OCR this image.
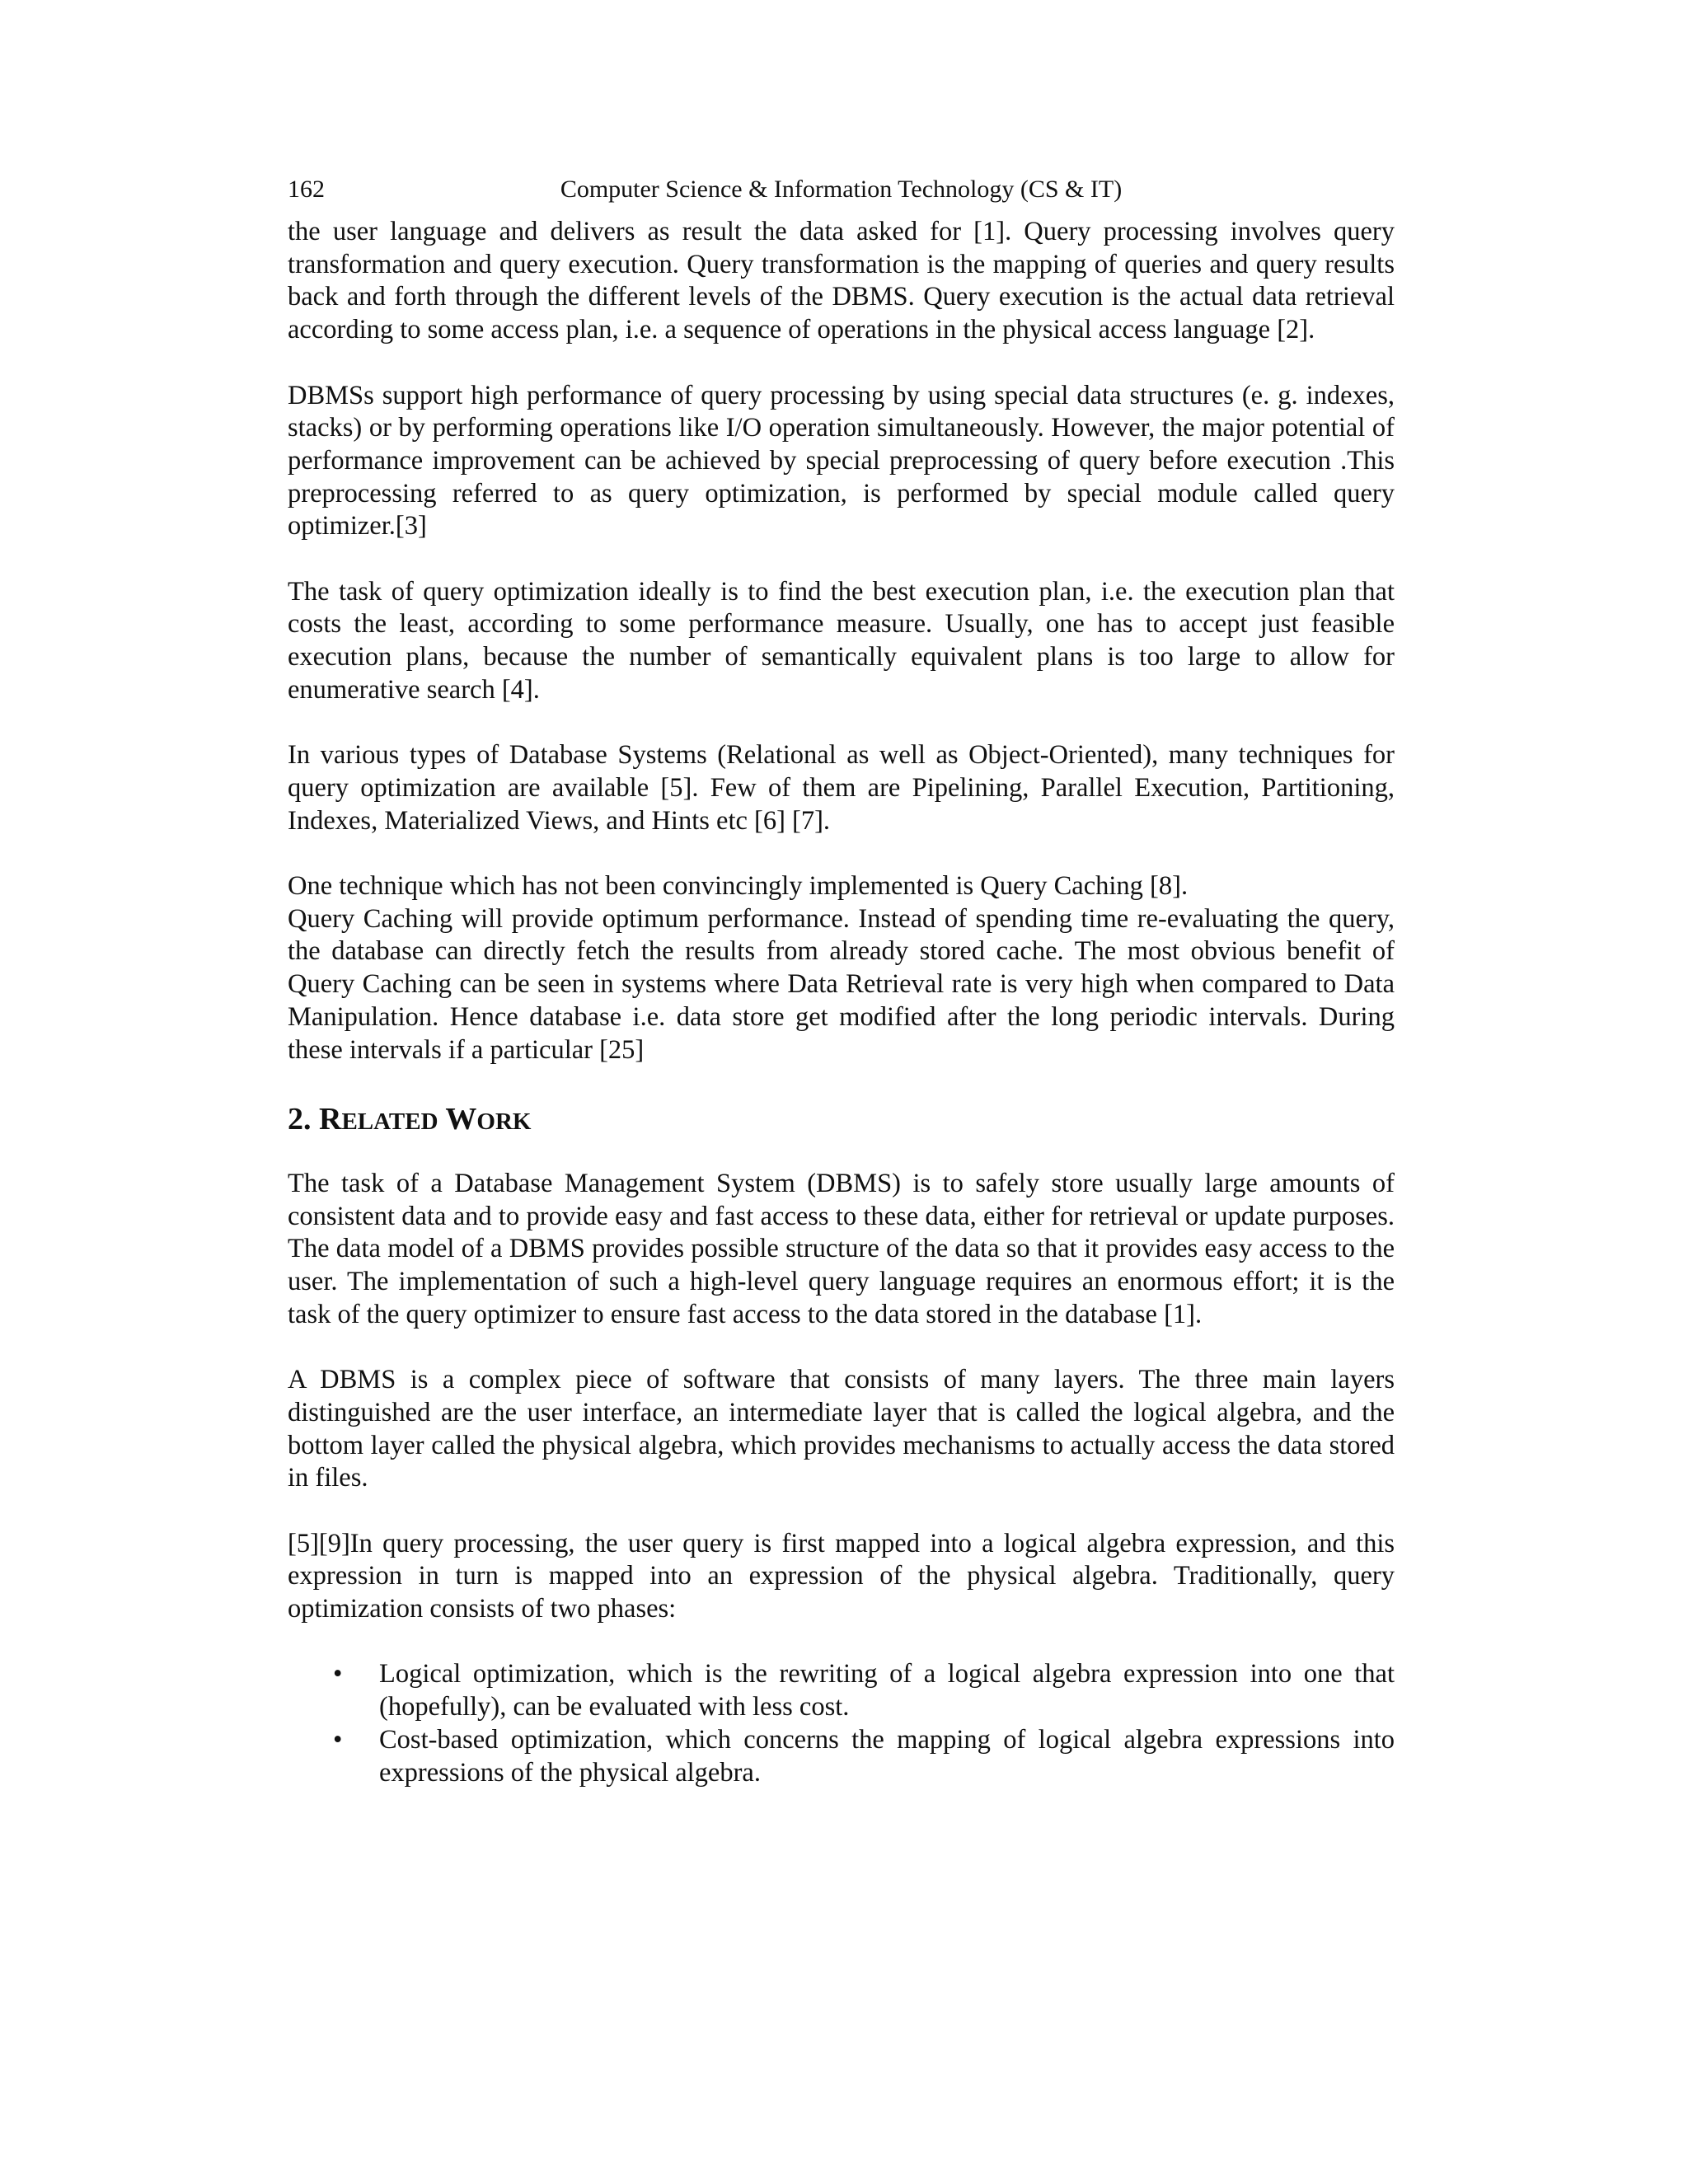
162	Computer Science & Information Technology (CS & IT)

the user language and delivers as result the data asked for [1]. Query processing involves query transformation and query execution. Query transformation is the mapping of queries and query results back and forth through the different levels of the DBMS. Query execution is the actual data retrieval according to some access plan, i.e. a sequence of operations in the physical access language [2].

DBMSs support high performance of query processing by using special data structures (e. g. indexes, stacks) or by performing operations like I/O operation simultaneously. However, the major potential of performance improvement can be achieved by special preprocessing of query before execution .This preprocessing referred to as query optimization, is performed by special module called query optimizer.[3]

The task of query optimization ideally is to find the best execution plan, i.e. the execution plan that costs the least, according to some performance measure. Usually, one has to accept just feasible execution plans, because the number of semantically equivalent plans is too large to allow for enumerative search [4].

In various types of Database Systems (Relational as well as Object-Oriented), many techniques for query optimization are available [5]. Few of them are Pipelining, Parallel Execution, Partitioning, Indexes, Materialized Views, and Hints etc [6] [7].

One technique which has not been convincingly implemented is Query Caching [8].

Query Caching will provide optimum performance. Instead of spending time re-evaluating the query, the database can directly fetch the results from already stored cache. The most obvious benefit of Query Caching can be seen in systems where Data Retrieval rate is very high when compared to Data Manipulation. Hence database i.e. data store get modified after the long periodic intervals. During these intervals if a particular [25]

2. RELATED WORK

The task of a Database Management System (DBMS) is to safely store usually large amounts of consistent data and to provide easy and fast access to these data, either for retrieval or update purposes. The data model of a DBMS provides possible structure of the data so that it provides easy access to the user. The implementation of such a high-level query language requires an enormous effort; it is the task of the query optimizer to ensure fast access to the data stored in the database [1].

A DBMS is a complex piece of software that consists of many layers. The three main layers distinguished are the user interface, an intermediate layer that is called the logical algebra, and the bottom layer called the physical algebra, which provides mechanisms to actually access the data stored in files.

[5][9]In query processing, the user query is first mapped into a logical algebra expression, and this expression in turn is mapped into an expression of the physical algebra. Traditionally, query optimization consists of two phases:

• Logical optimization, which is the rewriting of a logical algebra expression into one that (hopefully), can be evaluated with less cost.
• Cost-based optimization, which concerns the mapping of logical algebra expressions into expressions of the physical algebra.
